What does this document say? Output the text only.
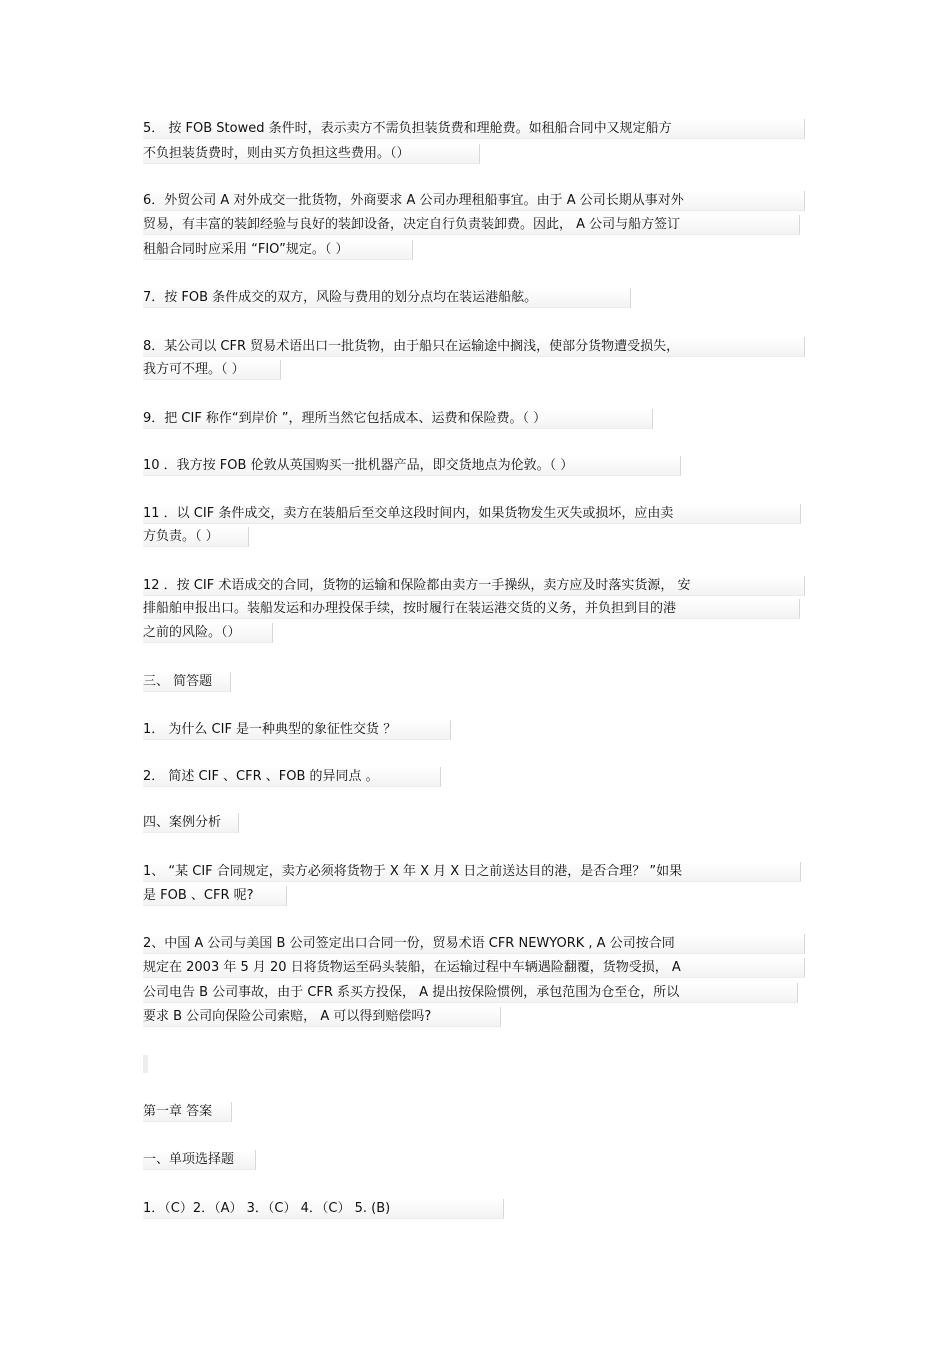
5． 按 FOB Stowed 条件时，表示卖方不需负担装货费和理舱费。如租船合同中又规定船方
不负担装货费时，则由买方负担这些费用。（）
6．外贸公司 A 对外成交一批货物，外商要求 A 公司办理租船事宜。由于 A 公司长期从事对外
贸易，有丰富的装卸经验与良好的装卸设备，决定自行负责装卸费。因此， A 公司与船方签订
租船合同时应采用 “FIO”规定。（ ）
7．按 FOB 条件成交的双方，风险与费用的划分点均在装运港船舷。
8．某公司以 CFR 贸易术语出口一批货物，由于船只在运输途中搁浅，使部分货物遭受损失，
我方可不理。（ ）
9．把 CIF 称作“到岸价 ”，理所当然它包括成本、运费和保险费。（ ）
10 ．我方按 FOB 伦敦从英国购买一批机器产品，即交货地点为伦敦。（ ）
11 ．以 CIF 条件成交，卖方在装船后至交单这段时间内，如果货物发生灭失或损坏，应由卖
方负责。（ ）
12 ．按 CIF 术语成交的合同，货物的运输和保险都由卖方一手操纵，卖方应及时落实货源， 安
排船舶申报出口。装船发运和办理投保手续，按时履行在装运港交货的义务，并负担到目的港
之前的风险。（）
三、 简答题
1． 为什么 CIF 是一种典型的象征性交货 ？
2． 简述 CIF 、CFR 、FOB 的异同点 。
四、案例分析
1、 “某 CIF 合同规定，卖方必须将货物于 X 年 X 月 X 日之前送达目的港，是否合理？ ”如果
是 FOB 、CFR 呢?
2、中国 A 公司与美国 B 公司签定出口合同一份，贸易术语 CFR NEWYORK , A 公司按合同
规定在 2003 年 5 月 20 日将货物运至码头装船，在运输过程中车辆遇险翻覆，货物受损， A
公司电告 B 公司事故，由于 CFR 系买方投保， A 提出按保险惯例，承包范围为仓至仓，所以
要求 B 公司向保险公司索赔， A 可以得到赔偿吗?
第一章 答案
一、单项选择题
1．（C）2．（A） 3．（C） 4．（C） 5. (B)
